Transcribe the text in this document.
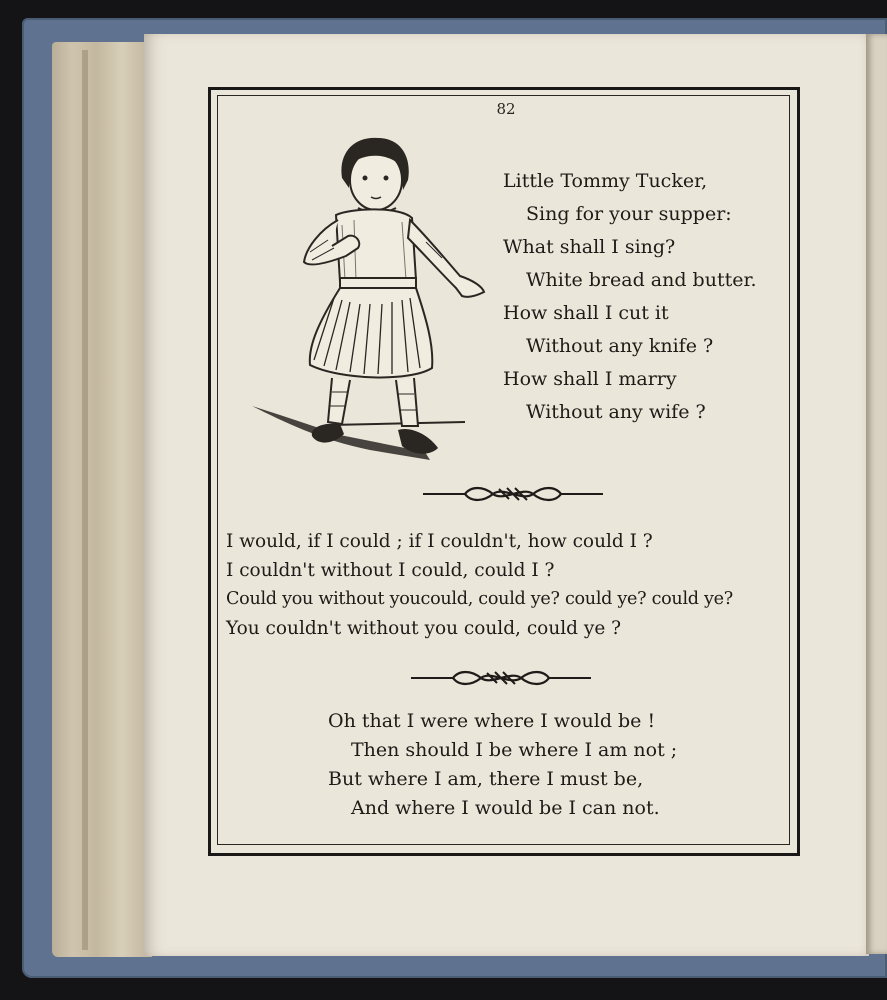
82
Little Tommy Tucker,
Sing for your supper:
What shall I sing?
White bread and butter.
How shall I cut it
Without any knife ?
How shall I marry
Without any wife ?
I would, if I could ; if I couldn't, how could I ?
I couldn't without I could, could I ?
Could you without youcould, could ye? could ye? could ye?
You couldn't without you could, could ye ?
Oh that I were where I would be !
Then should I be where I am not ;
But where I am, there I must be,
And where I would be I can not.
